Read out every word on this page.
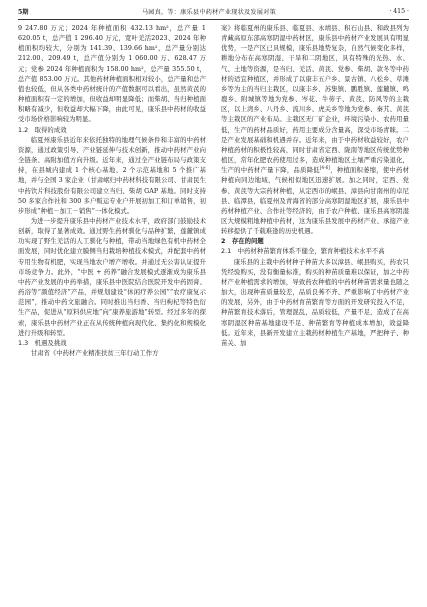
5期	马园真，等：康乐县中药材产业现状及发展对策	· 415 ·

9 247.80 万元；2024 年种植面积 432.13 hm²，总产量 1 620.05 t，总产值 1 296.40 万元，宽叶羌活2023、2024 年种植面积均较大，分别为 141.39、139.66 hm²，总产量分别达 212.00、209.49 t，总产值分别为 1 060.00 万、628.47 万元；党参 2024 年种植面积为 158.00 hm²，总产量 355.50 t，总产值 853.00 万元。其他药材种植面积相对较小，总产量和总产值也较低，但从各类中药材统计的产值数据可以看出，虽然黄芪的种植面积有一定的增加，但收益却明显降低；而柴胡、当归种植面积略有减少，但收益却大幅下降，由此可见，康乐县中药材的收益受市场价格影响较为明显。

1.2　取得的成效

临夏州康乐县近年来依托独特的地理气候条件和丰富的中药材资源，通过政策引导、产业链延伸与技术创新，推动中药材产业向全链条、高附加值方向升级。近年来，通过全产业链布局与政策支持，在县城内建成 1 个核心基地、2 个示范基地和 5 个推广基地，并与全国 3 家企业（甘肃岷归中药材科技有限公司、甘肃民生中药饮片科技股份有限公司建立当归、柴胡 GAP 基地。同时支持 50 多家合作社和 300 多户贩运专业户开展初加工和订单销售，初步形成“种植－加工－销售”一体化模式。

为进一步提升康乐县中药材产业技术水平，政府部门鼓励技术创新，取得了显著成效。通过野生药材驯化与品种扩繁，莲麓镇成功实现了野生羌活的人工驯化与种植，带动当地绿色有机中药材全面发展，同时优化建立膜侧当归栽培种植技术模式，并配套中药材专用生物有机肥，实现当地农户增产增收。并通过无公害认证提升市场竞争力。此外，“中医 + 药养”融合发展模式逐渐成为康乐县中药产业发展的中药举措，康乐县中医院结合医院开发中药固膏、药浴等“颜值经济”产品，并规划建设“休闲疗养公园”“农疗康复示范园”，推动中药文旅融合。同时推出当归香、当归枸杞等特色衍生产品，促进从“原料供应地”向“康养旅游地”转型。经过多年的探索，康乐县中药材产业正在从传统种植向现代化、集约化和规模化进行升级和转型。

1.3　机遇及挑战

甘肃省《中药材产业精准扶贫三年行动工作方

案》将临夏州的康乐县、临夏县、永靖县、积石山县、和政县列为青藏高原东部高寒阴湿中药材区，康乐县中药材产业发展具有明显优势，一是产区已具规模，康乐县地势复杂，自然气候变化多样，耕地分布在高寒阴湿、干旱和二阴地区，具有特殊的光热、水、气、土地等资源，是当归、羌活、黄芪、党参、柴胡、款冬等中药材的适宜种植区，并形成了以康丰五户乡、景古镇、八松乡、草滩乡等为主的当归主栽区，以康丰乡、苏集镇、鹏胜镇、莲麓镇、鸣鹿乡、附城镇等地为党参、岑花、牛蒡子、黄芪、防风等的主栽区，以上湾乡、八丹乡、流川乡、虎关乡等地为党参、秦艽、黄芪等主栽区的产业布局。主栽区无厂矿企业，环境污染小、农药用量低，生产的药材品质好，药用主要成分含量高，深受市场青睐。二是产业发展基础和机遇并存。近年来，由于中药材收益较好，农户种植药材的积极性较高，同时甘肃省定西、陇南等地区传统优势种植区，常年化肥农药使用过多，造成种植地区土壤严重污染退化，生产的中药材产量下降，品质降低[4-6]，种植面积萎缩，使中药材种植向同边地域，气候相似地区迅速扩展。加之同时，定西、党参、黄芪等大宗药材种植，从定西市的岷县、漳县向甘南州的卓尼县、临潭县，临夏州及青海省的部分高寒阴湿地区扩展，康乐县中药材种植产业、合作社等经济的，由于农户种植、康乐县高寒阴湿区大规模粗地种植中药材，这为康乐县发展中药材产业、承接产业转移提供了千载难逢的历史机遇。

2　存在的问题
2.1　中药材种苗繁育体系不健全，繁育种植技术水平不高

康乐县的主栽中药材种子种苗大多以漳县、岷县购买，药农只凭经验购买，没有衡量标准，购买的种苗质量难以保证，加之中药材产业种植需求的增加，导致药农种植的中药材种苗需求量也随之加大，出现种苗质量较差，品质良莠不齐、严重影响了中药材产业的发展，另外，由于中药材育苗繁育等方面的开发研究投入不足，种苗繁育技术落后，管理混乱，品质较低，产量不足，造成了在高寒阴湿区种苗基地建设不足、种苗繁育等种植成本增加，效益降低。近年来，县新开发建立主栽药材种植生产基地，严把种子、种苗关、加
